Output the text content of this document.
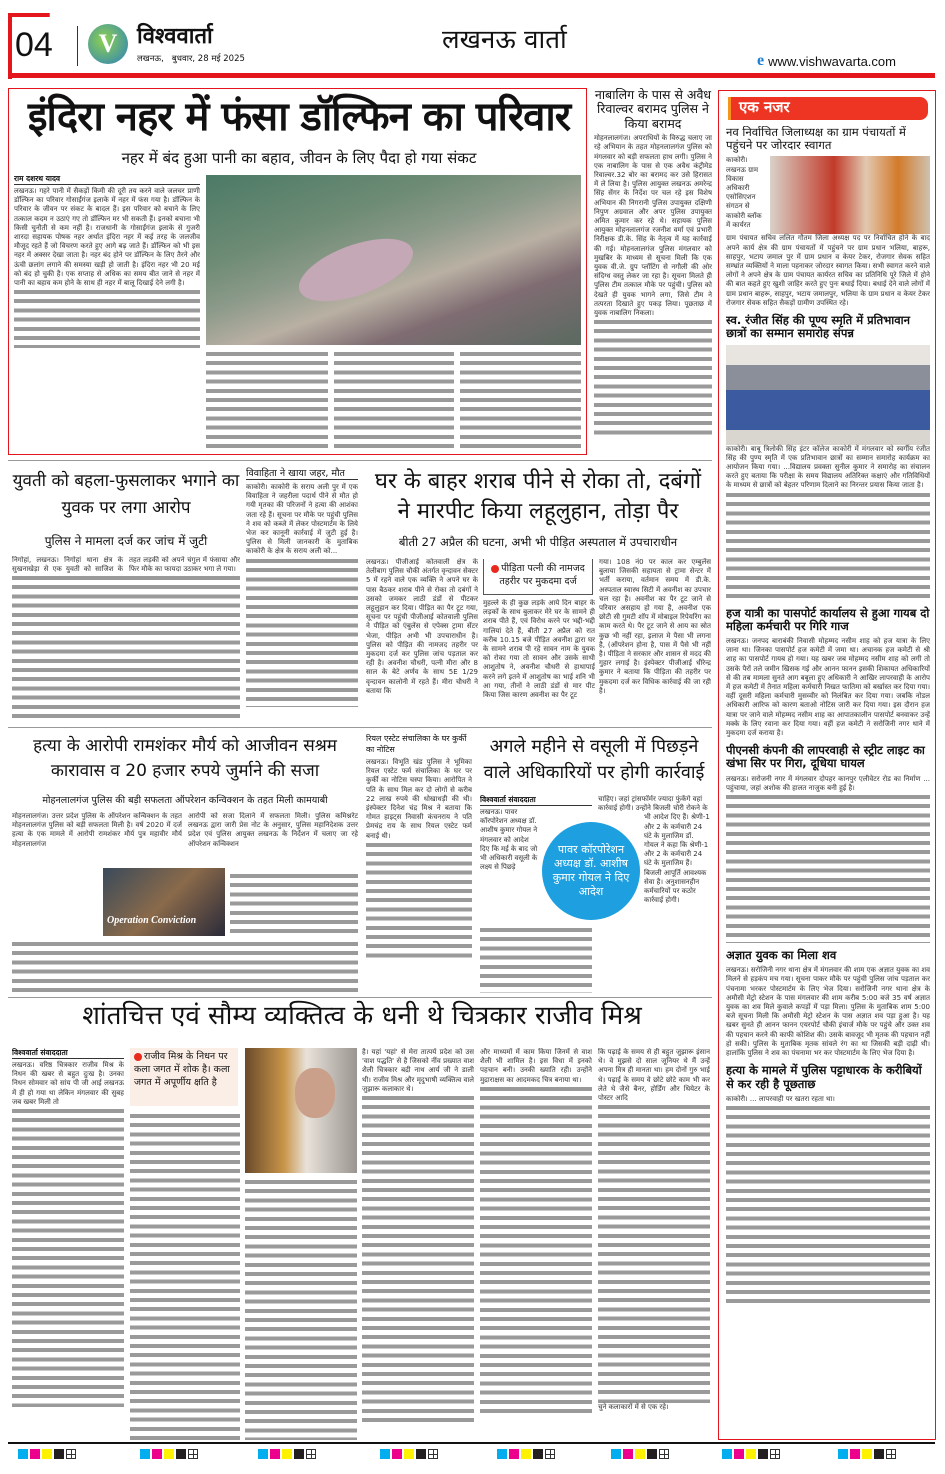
04	V विश्ववार्ता
लखनऊ,   बुधवार, 28 मई 2025
लखनऊ वार्ता
e www.vishwavarta.com
इंदिरा नहर में फंसा डॉल्फिन का परिवार
नहर में बंद हुआ पानी का बहाव, जीवन के लिए पैदा हो गया संकट
राम दशरथ यादव
लखनऊ। गहरे पानी में सैकड़ों किमी की दूरी तय करने वाले जलचर प्राणी डॉल्फिन का परिवार गोसाईंगंज इलाके में नहर में फंस गया है। डॉल्फिन के परिवार के जीवन पर संकट के बादल हैं। इस परिवार को बचाने के लिए तत्काल कदम न उठाएं गए तो डॉल्फिन मर भी सकती हैं। इनको बचाना भी किसी चुनौती से कम नहीं है। राजधानी के गोसाईंगंज इलाके से गुजरी शारदा सहायक पोषक नहर अर्थात इंदिरा नहर में कई तरह के जलजीव मौजूद रहते हैं जो विचरण करते हुए आगे बढ़ जाते हैं। डॉल्फिन को भी इस नहर में अक्सर देखा जाता है। नहर बंद होने पर डॉल्फिन के लिए तैरने और ऊंची छलांग लगाने की समस्या खड़ी हो जाती है। इंदिरा नहर भी 20 मई को बंद हो चुकी है। एक सप्ताह से अधिक का समय बीत जाने से नहर में पानी का बहाव कम होने के साथ ही नहर में बालू दिखाई देने लगी है।
नाबालिग के पास से अवैध रिवाल्वर बरामद पुलिस ने किया बरामद
मोहनलालगंज। अपराधियों के विरुद्ध चलाए जा रहे अभियान के तहत मोहनलालगंज पुलिस को मंगलवार को बड़ी सफलता हाथ लगी। पुलिस ने एक नाबालिग के पास से एक अवैध कंट्रीमेड रिवाल्वर.32 बोर का बरामद कर उसे हिरासत में ले लिया है। पुलिस आयुक्त लखनऊ अमरेन्द्र सिंह सेंगर के निर्देश पर चल रहे इस विशेष अभियान की निगरानी पुलिस उपायुक्त दक्षिणी निपुण अग्रवाल और अपर पुलिस उपायुक्त अमित कुमार कर रहे थे। सहायक पुलिस आयुक्त मोहनलालगंज रजनीश वर्मा एवं प्रभारी निरीक्षक डी.के. सिंह के नेतृत्व में यह कार्रवाई की गई। मोहनलालगंज पुलिस मंगलवार को मुखबिर के माध्यम से सूचना मिली कि एक युवक वी.जे. ग्रुप प्लॉटिंग से नगौली की ओर संदिग्ध वस्तु लेकर जा रहा है। सूचना मिलते ही पुलिस टीम तत्काल मौके पर पहुंची। पुलिस को देखते ही युवक भागने लगा, जिसे टीम ने तत्परता दिखाते हुए पकड़ लिया। पूछताछ में युवक नाबालिग निकला।
एक नजर
नव निर्वाचित जिलाध्यक्ष का ग्राम पंचायतों में पहुंचने पर जोरदार स्वागत
काकोरी। लखनऊ ग्राम विकास अधिकारी एसोसिएशन संगठन से काकोरी ब्लॉक में कार्यरत
ग्राम पंचायत सचिव ललित गौतम जिला अध्यक्ष पद पर निर्वाचित होने के बाद अपने कार्य क्षेत्र की ग्राम पंचायतों में पहुंचने पर ग्राम प्रधान भलिया, बाहरू, साहपुर, भटाय जमाल पुर में ग्राम प्रधान व केयर टेकर, रोजगार सेवक सहित सम्भ्रांत व्यक्तियों ने माला पहनाकर जोरदार स्वागत किया। सभी स्वागत करने वाले लोगों ने अपने क्षेत्र के ग्राम पंचायत कार्यरत सचिव का प्रतिनिधि पूरे जिले में होने की बात कहते हुए खुशी जाहिर करते हुए पुनः बधाई दिया। बधाई देने वाले लोगों में ग्राम प्रधान बाहरू, साहपुर, भटाय जमालपुर, भलिया के ग्राम प्रधान व केयर टेकर रोजगार सेवक सहित सैकड़ों ग्रामीण उपस्थित रहे।
स्व. रंजीत सिंह की पूण्य स्मृति में प्रतिभावान छात्रों का सम्मान समारोह संपन्न
काकोरी। बाबू त्रिलोकी सिंह इंटर कॉलेज काकोरी में मंगलवार को स्वर्गीय रंजीत सिंह की पुण्य स्मृति में एक प्रतिभावान छात्रों का सम्मान समारोह कार्यक्रम का आयोजन किया गया। ...विद्यालय प्रवक्ता सुनील कुमार ने समारोह का संचालन करते हुए बताया कि परीक्षा के समय विद्यालय अतिरिक्त कक्षाएं और गतिविधियों के माध्यम से छात्रों को बेहतर परिणाम दिलाने का निरन्तर प्रयास किया जाता है।
हज यात्री का पासपोर्ट कार्यालय से हुआ गायब दो महिला कर्मचारी पर गिरि गाज
लखनऊ। जनपद बाराबंकी निवासी मोहम्मद नसीम शाह को हज यात्रा के लिए जाना था। जिनका पासपोर्ट हज कमेटी में जमा था। अचानक हज कमेटी से श्री शाह का पासपोर्ट गायब हो गया। यह खबर जब मोहम्मद नसीम शाह को लगी तो उसके पैरों तले जमीन खिसक गई और आनन फानन इसकी शिकायत अधिकारियों से की तब मामला सुनते आग बबूला हुए अधिकारी ने आखिर लापरवाही के आरोप में हज कमेटी में तैनात महिला कर्मचारी निखत फातिमा को बर्खास्त कर दिया गया। वहीं दूसरी महिला कर्मचारी मुसव्वीर को निलंबित कर दिया गया। जबकि नोडल अधिकारी आरिफ को कारण बताओ नोटिस जारी कर दिया गया। इस दौरान हज यात्रा पर जाने वाले मोहम्मद नसीम शाह का आपातकालीन पासपोर्ट बनवाकर उन्हें मक्के के लिए रवाना कर दिया गया। वहीं हज कमेटी ने सरोजिनी नगर थाने में मुकदमा दर्ज कराया है।
पीएनसी कंपनी की लापरवाही से स्ट्रीट लाइट का खंभा सिर पर गिरा, दूधिया घायल
लखनऊ। सरोजनी नगर में मंगलवार दोपहर कानपुर एलीवेटर रोड का निर्माण ... पहुंचाया, जहां अशोक की हालत नाजुक बनी हुई है।
अज्ञात युवक का मिला शव
लखनऊ। सरोजिनी नगर थाना क्षेत्र में मंगलवार की शाम एक अज्ञात युवक का शव मिलने से हड़कंप मच गया। सूचना पाकर मौके पर पहुंची पुलिस जांच पड़ताल कर पंचनामा भरकर पोस्टमार्टम के लिए भेज दिया। सरोजिनी नगर थाना क्षेत्र के अमौसी मेट्रो स्टेशन के पास मंगलवार की शाम करीब 5:00 बजे 35 वर्ष अज्ञात युवक का शव मिले कुवाले कपड़ों में पड़ा मिला। पुलिस के मुताबिक शाम 5:00 बजे सूचना मिली कि अमौसी मेट्रो स्टेशन के पास अज्ञात शव पड़ा हुआ है। यह खबर सुनते ही आनन फानन एयरपोर्ट चौकी इंचार्ज मौके पर पहुंचे और उक्त शव की पहचान करने की काफी कोशिश की। उसके बावजूद भी मृतक की पहचान नहीं हो सकी। पुलिस के मुताबिक मृतक सांवले रंग का था जिसकी बड़ी दाढ़ी थी। हालांकि पुलिस ने शव का पंचनामा भर कर पोस्टमार्टम के लिए भेज दिया है।
हत्या के मामले में पुलिस पट्टाधारक के करीबियों से कर रही है पूछताछ
काकोरी। ... लापरवाही पर खतरा रहता था।
युवती को बहला-फुसलाकर भगाने का युवक पर लगा आरोप
पुलिस ने मामला दर्ज कर जांच में जुटी
निगोहां, लखनऊ। निगोहां थाना क्षेत्र के सुखनाखेड़ा से एक युवती को साजिश के तहत लड़की को अपने चंगुल में फंसाया और फिर मौके का फायदा उठाकर भगा ले गया।
विवाहिता ने खाया जहर, मौत
काकोरी। काकोरी के सराय अली पुर में एक विवाहिता ने जहरीला पदार्थ पीने से मौत हो गयी मृतका की परिजनों ने हत्या की आशंका जता रहे हैं। सूचना पर मौके पर पहुंची पुलिस ने शव को कब्जे में लेकर पोस्टमार्टम के लिये भेज कर कानूनी कार्रवाई में जुटी हुई है। पुलिस से मिली जानकारी के मुताबिक काकोरी के क्षेत्र के सराय अली को...
घर के बाहर शराब पीने से रोका तो, दबंगों ने मारपीट किया लहूलुहान, तोड़ा पैर
बीती 27 अप्रैल की घटना, अभी भी पीड़ित अस्पताल में उपचाराधीन
लखनऊ। पीजीआई कोतवाली क्षेत्र के तेलीबाग पुलिस चौकी अंतर्गत वृन्दावन सेक्टर 5 में रहने वाले एक व्यक्ति ने अपने घर के पास बैठकर शराब पीने से रोका तो दबंगों ने उसको जमकर लाठी डंडों से पीटकर लहूलुहान कर दिया। पीड़ित का पैर टूट गया, सूचना पर पहुंची पीजीआई कोतवाली पुलिस ने पीड़ित को एंबुलेंस से एपेक्स ट्रामा सेंटर भेजा, पीड़ित अभी भी उपचाराधीन है। पुलिस को पीड़ित की नामजद तहरीर पर मुकदमा दर्ज कर पुलिस जांच पड़ताल कर रही है। अवनीश चौधरी, पत्नी मीरा और 8 साल के बेटे अर्णव के साथ 5E 1/29 वृन्दावन कालोनी में रहते हैं। मीरा चौधरी ने बताया कि
पीड़िता पत्नी की नामजद तहरीर पर मुकदमा दर्ज
मुहल्ले के ही कुछ लड़के आये दिन बाहर के लड़कों के साथ बुलाकर मेरे घर के सामने ही शराब पीते हैं, एवं विरोध करने पर भद्दी-भद्दी गालियां देते हैं, बीती 27 अप्रैल को रात करीब 10.15 बजे पीड़ित अवनीश द्वारा घर के सामने शराब पी रहे सावन नाम के युवक को रोका गया तो सावन और उसके साथी आशुतोष ने, अवनीश चौधरी से हाथापाई करने लगे इतने में आशुतोष का भाई शनि भी आ गया, तीनों ने लाठी डंडों से मार पीट किया जिस कारण अवनीश का पैर टूट
गया। 108 नं0 पर काल कर एम्बुलेंस बुलाया जिसकी सहायता से ट्रामा सेन्टर में भर्ती कराया, वर्तमान समय में डी.के. अस्पताल स्वास्थ सिटी में अवनीश का उपचार चल रहा है। अवनीश का पैर टूट जाने से परिवार असहाय हो गया है, अवनीश एक छोटी सी गुमटी शॉप में मोबाइल रिपेयरिंग का काम करते थे। पैर टूट जाने से आय का स्रोत कुछ भी नहीं रहा, इलाज मे पैसा भी लगना है, (ऑपरेशन होना है, पास में पैसे भी नहीं है। पीड़िता ने सरकार और शासन से मदद की गुहार लगाई है। इंस्पेक्टर पीजीआई धीरेन्द्र कुमार ने बताया कि पीड़िता की तहरीर पर मुकदमा दर्ज कर विधिक कार्रवाई की जा रही है।
हत्या के आरोपी रामशंकर मौर्य को आजीवन सश्रम कारावास व 20 हजार रुपये जुर्माने की सजा
मोहनलालगंज पुलिस की बड़ी सफलता ऑपरेशन कन्विक्शन के तहत मिली कामयाबी
मोहनलालगंज। उत्तर प्रदेश पुलिस के ऑपरेशन कन्विक्शन के तहत मोहनलालगंज पुलिस को बड़ी सफलता मिली है। वर्ष 2020 में दर्ज हत्या के एक मामले में आरोपी रामशंकर मौर्य पुत्र महावीर मौर्य मोहनलालगंज
आरोपी को सजा दिलाने में सफलता मिली। पुलिस कमिश्नरेट लखनऊ द्वारा जारी प्रेस नोट के अनुसार, पुलिस महानिदेशक उत्तर प्रदेश एवं पुलिस आयुक्त लखनऊ के निर्देशन में चलाए जा रहे ऑपरेशन कन्विक्शन
Operation Conviction
रियल एस्टेट संचालिका के घर कुर्की का नोटिस
लखनऊ। विभूति खंड पुलिस ने भूमिका रियल एस्टेट फर्म संचालिका के घर पर कुर्की का नोटिस चस्पा किया। आरोपित ने पति के साथ मिल कर दो लोगों से करीब 22 लाख रुपये की धोखाधड़ी की थी। इंस्पेक्टर दिनेश चंद्र मिश्र ने बताया कि गोमत हाइट्स निवासी कंचनराय ने पति प्रेमचंद्र राय के साथ रियल एस्टेट फर्म बनाई थी।
अगले महीने से वसूली में पिछड़ने वाले अधिकारियों पर होगी कार्रवाई
विश्ववार्ता संवाददाता
लखनऊ। पावर कॉरपोरेशन अध्यक्ष डॉ. आशीष कुमार गोयल ने मंगलवार को आदेश दिए कि मई के बाद जो भी अधिकारी वसूली के लक्ष्य से पिछड़े
चाहिए। जहां ट्रांसफॉर्मर ज्यादा फुंकेंगे वहां कार्रवाई होगी। उन्होंने बिजली चोरी रोकने के भी आदेश दिए हैं। श्रेणी-1 और 2 के कर्मचारी 24 घंटे के मुलाजिम डॉ. गोयल ने कहा कि श्रेणी-1 और 2 के कर्मचारी 24 घंटे के मुलाजिम हैं। बिजली आपूर्ति आवश्यक सेवा है। अनुशासनहीन कर्मचारियों पर कठोर कार्रवाई होगी।
पावर कॉरपोरेशन अध्यक्ष डॉ. आशीष कुमार गोयल ने दिए आदेश
शांतचित्त एवं सौम्य व्यक्तित्व के धनी थे चित्रकार राजीव मिश्र
विश्ववार्ता संवाददाता
लखनऊ। वरिष्ठ चित्रकार राजीव मिश्र के निधन की खबर से बहुत दुःख है। उनका निधन सोमवार को सांय पी जी आई लखनऊ में ही हो गया था लेकिन मंगलवार की सुबह जब खबर मिली तो
राजीव मिश्र के निधन पर कला जगत में शोक है। कला जगत में अपूर्णीय क्षति है
है। यहां 'यहां' से मेरा तात्पर्य प्रदेश को उस 'वाश पद्धति' से है जिसको नींव प्रख्यात वाश शैली चित्रकार बद्री नाथ आर्य जी ने डाली थी। राजीव मिश्र और मृदुभाषी व्यक्तित्व वाले जुझारू कलाकार थे।
और माध्यमों में काम किया जिनमें से वाश शैली भी शामिल है। इस विधा में इनको पहचान बनी। उनकी ख्याति रही। उन्होंने मुद्राराक्षस का आदमकद चित्र बनाया था।
कि पढ़ाई के समय से ही बहुत जुझारू इंसान थे। वे मुझसे दो साल जूनियर थे मैं उन्हें अपना मित्र ही मानता था। हम दोनों गुरु भाई थे। पढ़ाई के समय वे छोटे छोटे काम भी कर लेते थे जैसे बैनर, होर्डिंग और थियेटर के पोस्टर आदि
चुने कलाकारों में से एक रहे।
